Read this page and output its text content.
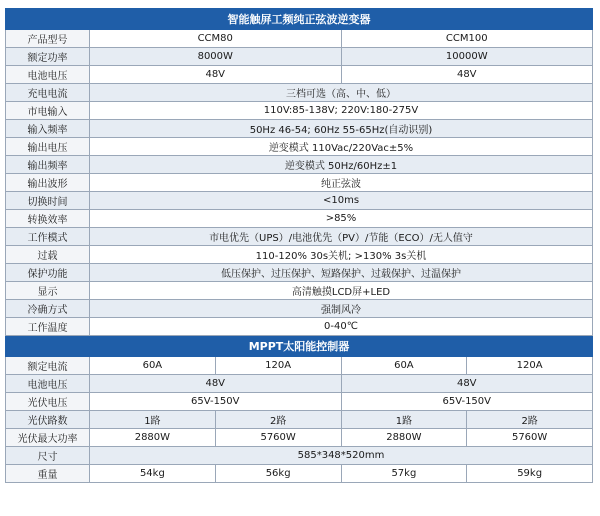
智能触屏工频纯正弦波逆变器				
产品型号	CCM80		CCM100	
额定功率	8000W		10000W	
电池电压	48V		48V	
充电电流	三档可选（高、中、低）			
市电输入	110V:85-138V; 220V:180-275V			
输入频率	50Hz 46-54; 60Hz 55-65Hz(自动识别)			
输出电压	逆变模式 110Vac/220Vac±5%			
输出频率	逆变模式 50Hz/60Hz±1			
输出波形	纯正弦波			
切换时间	<10ms			
转换效率	>85%			
工作模式	市电优先（UPS）/电池优先（PV）/节能（ECO）/无人值守			
过载	110-120% 30s关机; >130% 3s关机			
保护功能	低压保护、过压保护、短路保护、过载保护、过温保护			
显示	高清触摸LCD屏+LED			
冷确方式	强制风冷			
工作温度	0-40℃			
MPPT太阳能控制器				
额定电流	60A	120A	60A	120A
电池电压	48V		48V	
光伏电压	65V-150V		65V-150V	
光伏路数	1路	2路	1路	2路
光伏最大功率	2880W	5760W	2880W	5760W
尺寸	585*348*520mm			
重量	54kg	56kg	57kg	59kg
